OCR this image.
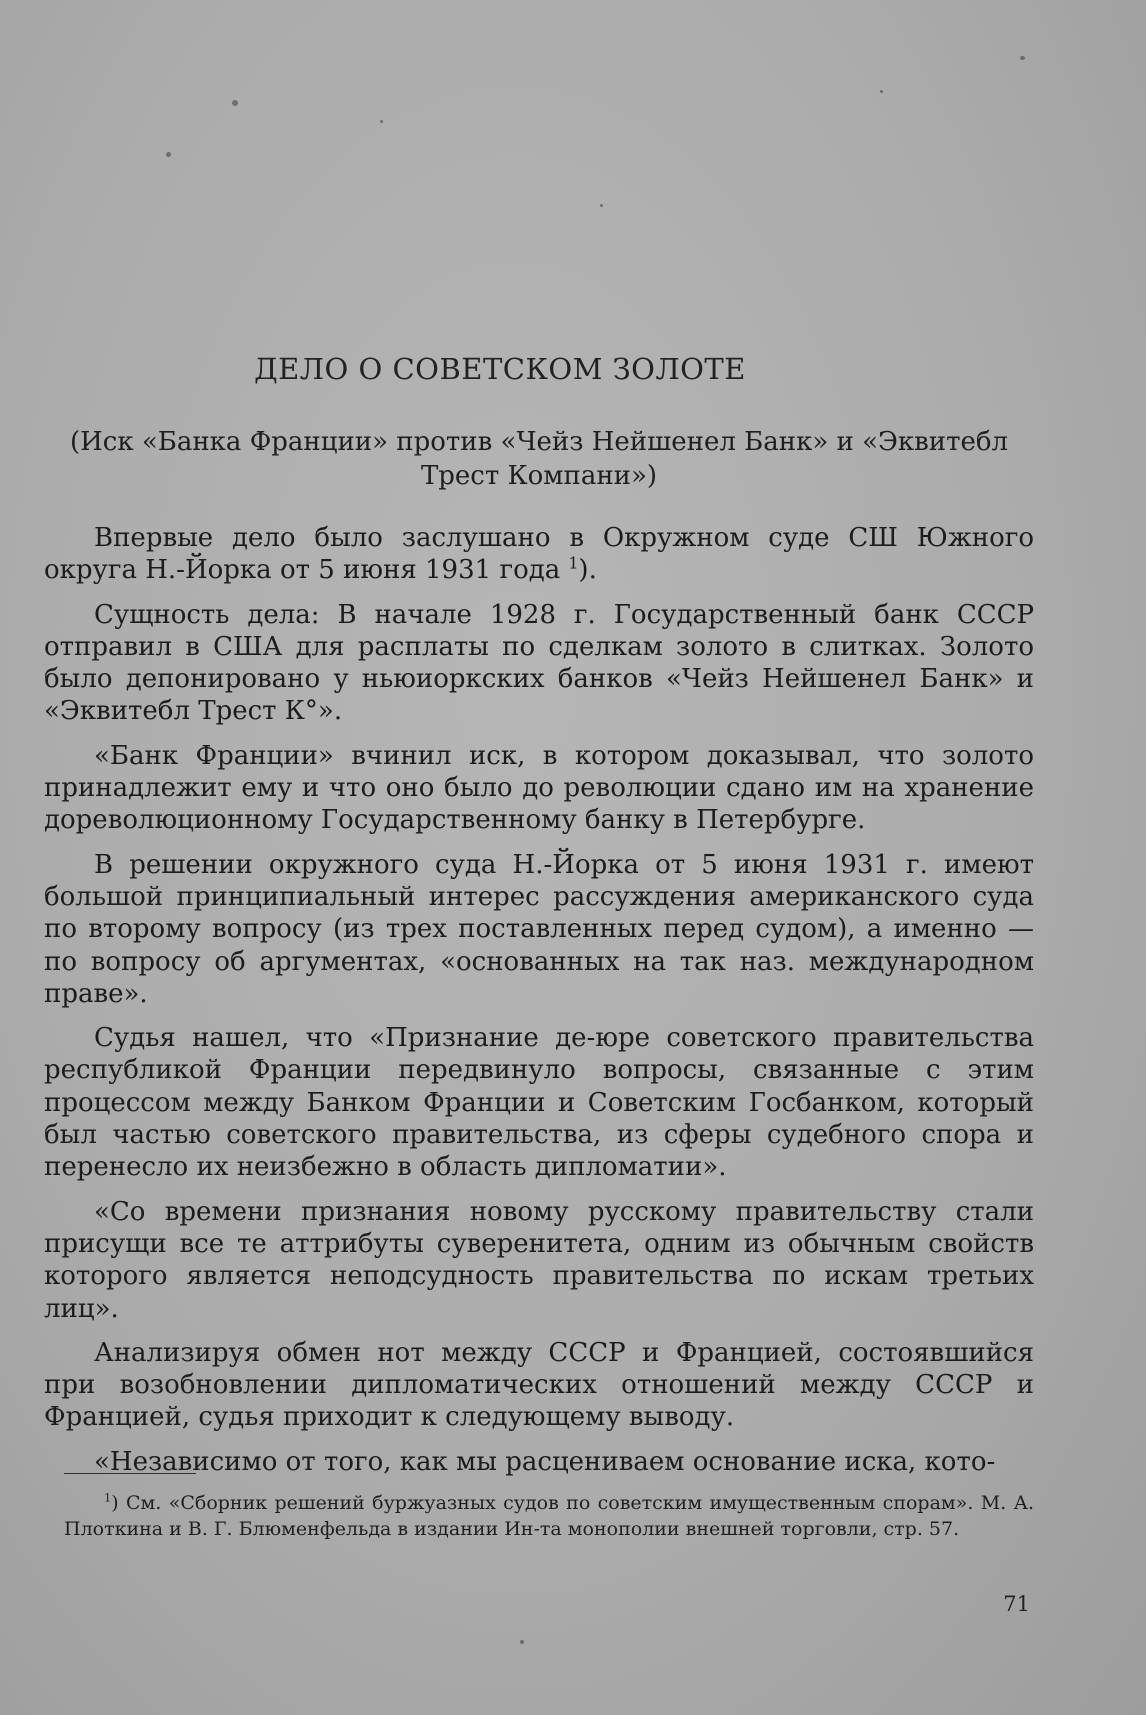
ДЕЛО О СОВЕТСКОМ ЗОЛОТЕ
(Иск «Банка Франции» против «Чейз Нейшенел Банк» и «Эквитебл Трест Компани»)

Впервые дело было заслушано в Окружном суде СШ Южного округа Н.-Йорка от 5 июня 1931 года $^1$).

Сущность дела: В начале 1928 г. Государственный банк СССР отправил в США для расплаты по сделкам золото в слитках. Золото было депонировано у ньюиоркских банков «Чейз Нейшенел Банк» и «Эквитебл Трест К°».

«Банк Франции» вчинил иск, в котором доказывал, что золото принадлежит ему и что оно было до революции сдано им на хранение дореволюционному Государственному банку в Петербурге.

В решении окружного суда Н.-Йорка от 5 июня 1931 г. имеют большой принципиальный интерес рассуждения американского суда по второму вопросу (из трех поставленных перед судом), а именно — по вопросу об аргументах, «основанных на так наз. международном праве».

Судья нашел, что «Признание де-юре советского правительства республикой Франции передвинуло вопросы, связанные с этим процессом между Банком Франции и Советским Госбанком, который был частью советского правительства, из сферы судебного спора и перенесло их неизбежно в область дипломатии».

«Со времени признания новому русскому правительству стали присущи все те аттрибуты суверенитета, одним из обычным свойств которого является неподсудность правительства по искам третьих лиц».

Анализируя обмен нот между СССР и Францией, состоявшийся при возобновлении дипломатических отношений между СССР и Францией, судья приходит к следующему выводу.

«Независимо от того, как мы расцениваем основание иска, кото-

$^1$) См. «Сборник решений буржуазных судов по советским имущественным спорам». М. А. Плоткина и В. Г. Блюменфельда в издании Ин-та монополии внешней торговли, стр. 57.
71
